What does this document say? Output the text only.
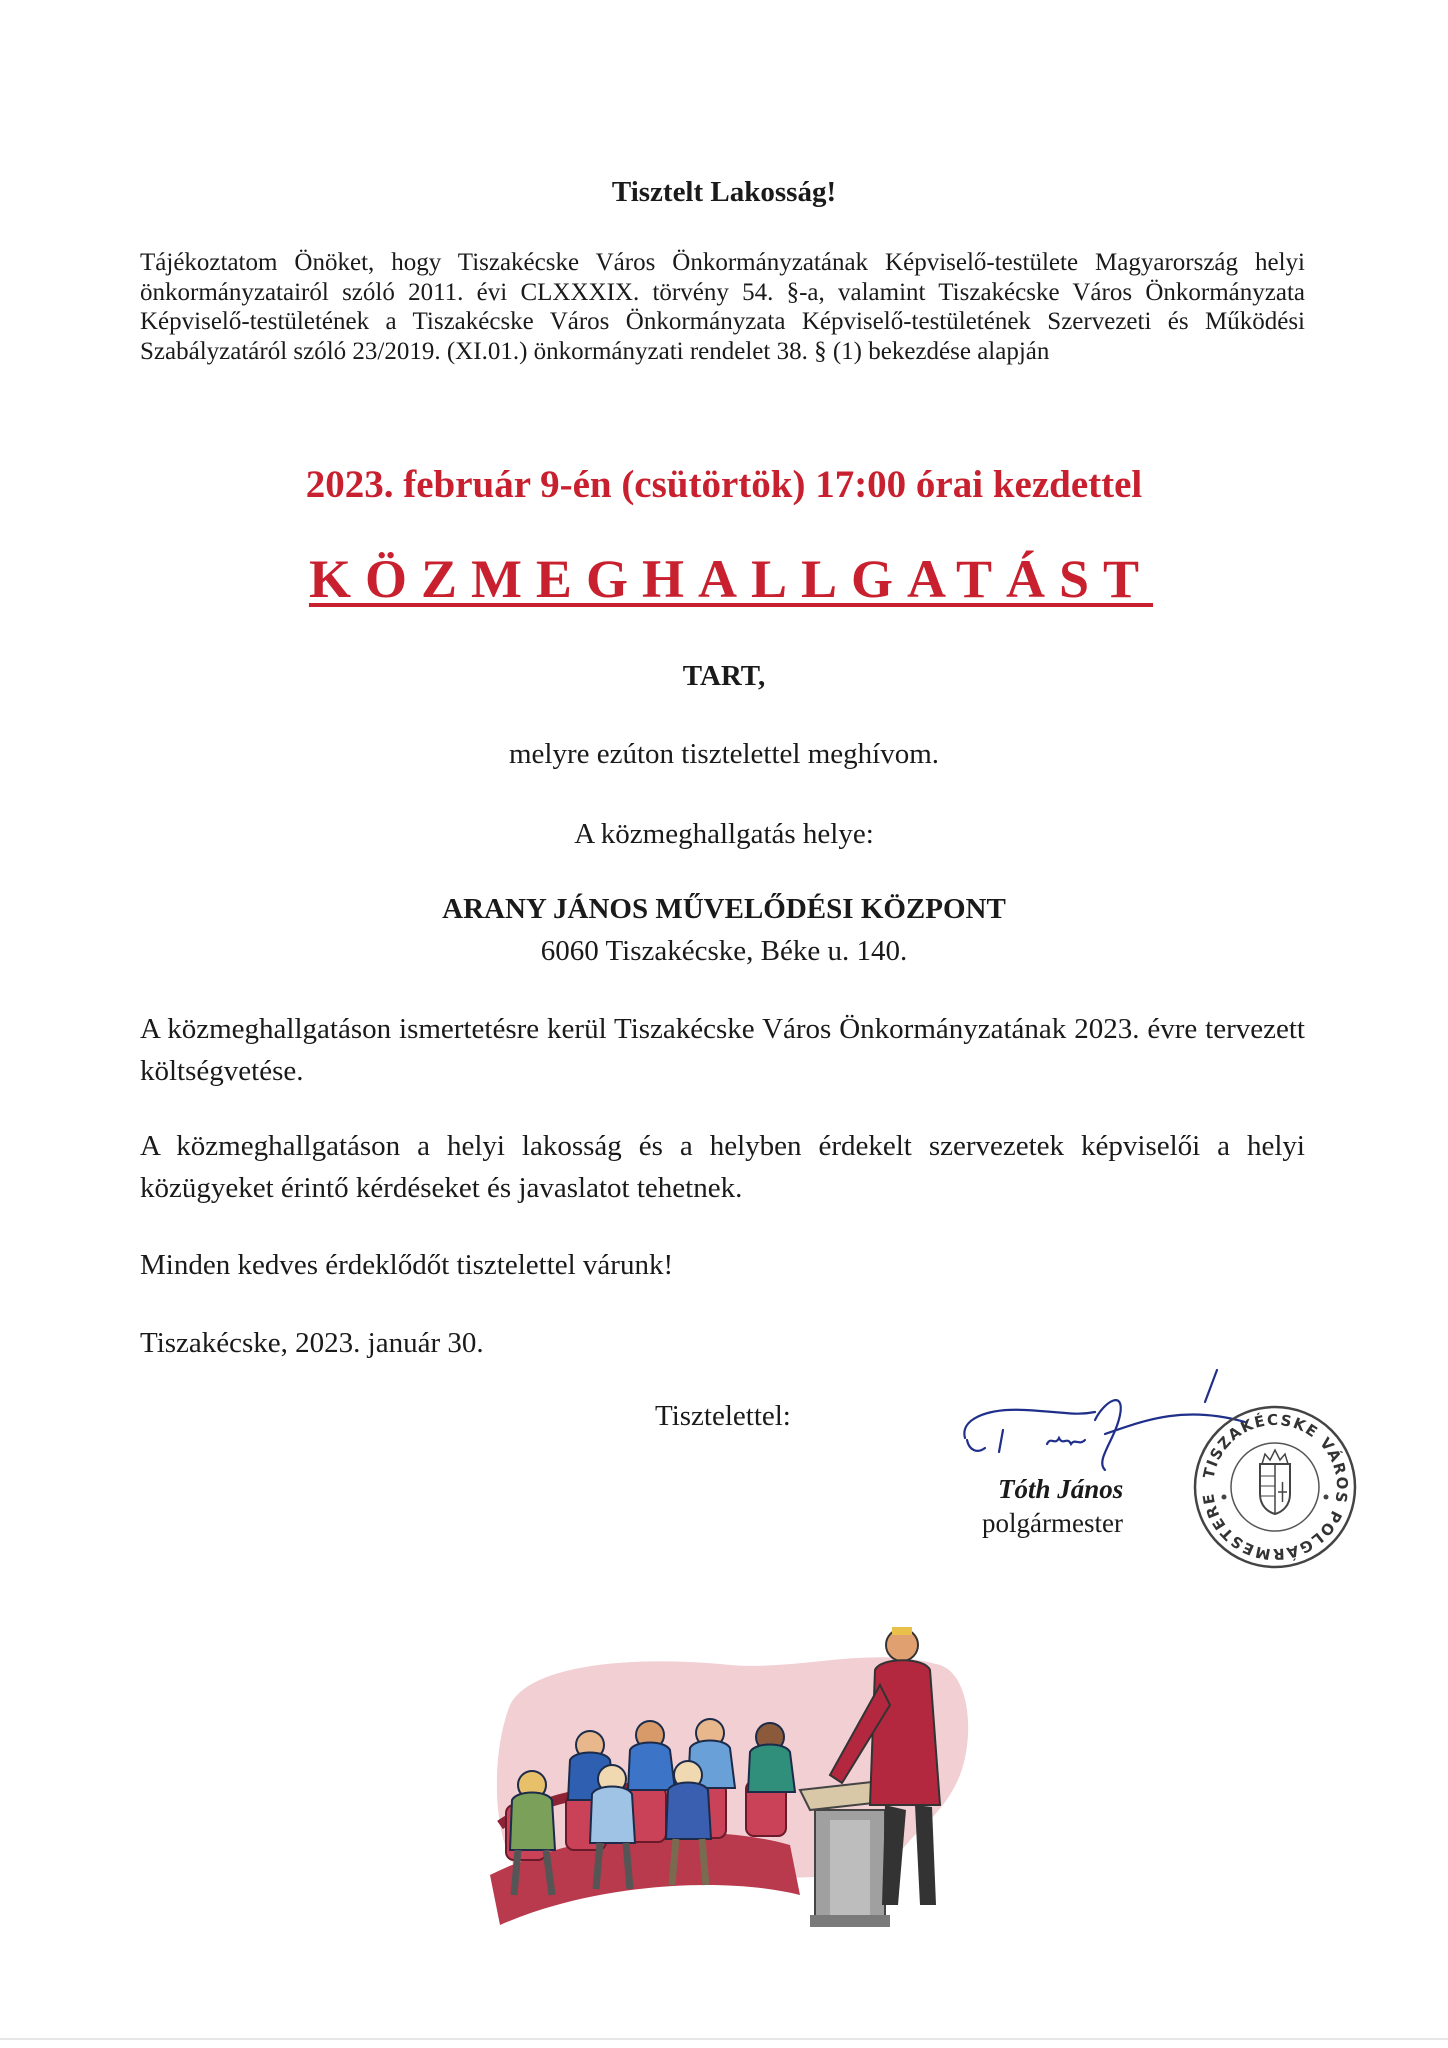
Tisztelt Lakosság!
Tájékoztatom Önöket, hogy Tiszakécske Város Önkormányzatának Képviselő-testülete Magyarország helyi önkormányzatairól szóló 2011. évi CLXXXIX. törvény 54. §-a, valamint Tiszakécske Város Önkormányzata Képviselő-testületének a Tiszakécske Város Önkormányzata Képviselő-testületének Szervezeti és Működési Szabályzatáról szóló 23/2019. (XI.01.) önkormányzati rendelet 38. § (1) bekezdése alapján
2023. február 9-én (csütörtök) 17:00 órai kezdettel
KÖZMEGHALLGATÁST
TART,
melyre ezúton tisztelettel meghívom.
A közmeghallgatás helye:
ARANY JÁNOS MŰVELŐDÉSI KÖZPONT
6060 Tiszakécske, Béke u. 140.
A közmeghallgatáson ismertetésre kerül Tiszakécske Város Önkormányzatának 2023. évre tervezett költségvetése.
A közmeghallgatáson a helyi lakosság és a helyben érdekelt szervezetek képviselői a helyi közügyeket érintő kérdéseket és javaslatot tehetnek.
Minden kedves érdeklődőt tisztelettel várunk!
Tiszakécske, 2023. január 30.
Tisztelettel:
Tóth János
polgármester
TISZAKÉCSKE VÁROS POLGÁRMESTERE
